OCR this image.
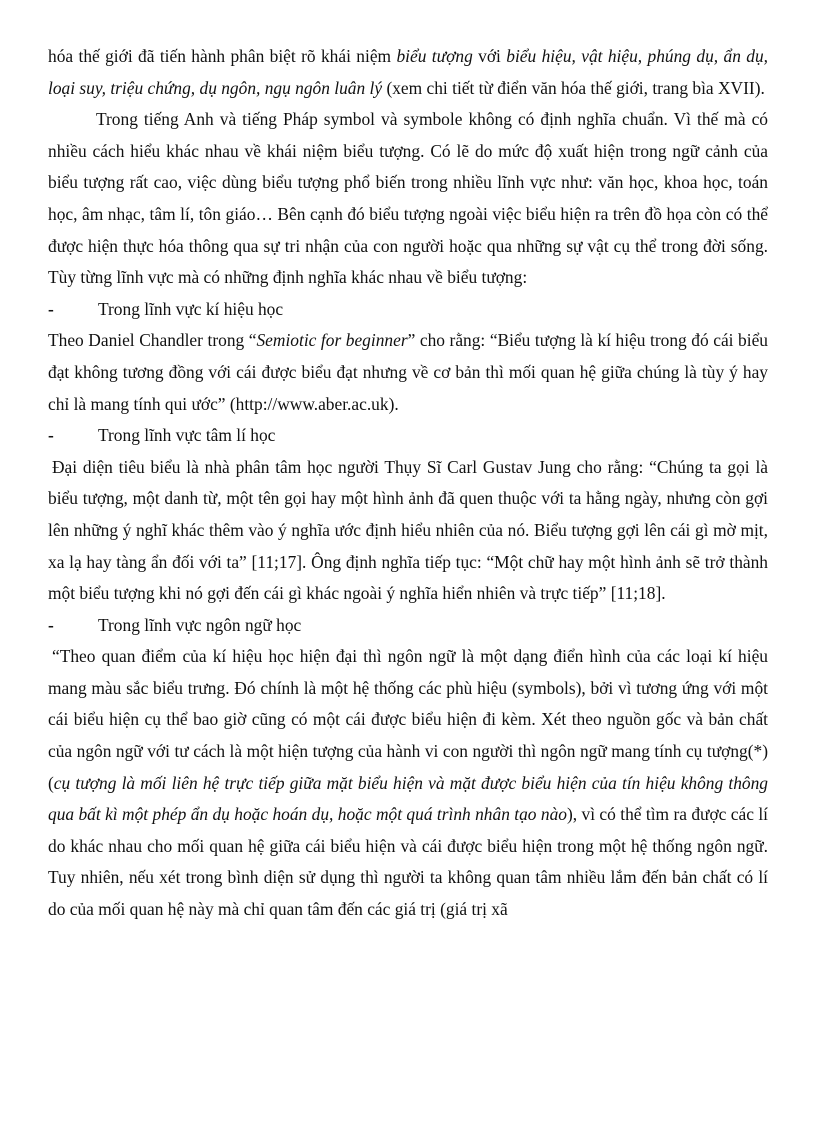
hóa thế giới đã tiến hành phân biệt rõ khái niệm biểu tượng với biểu hiệu, vật hiệu, phúng dụ, ẩn dụ, loại suy, triệu chứng, dụ ngôn, ngụ ngôn luân lý (xem chi tiết từ điển văn hóa thế giới, trang bìa XVII).

Trong tiếng Anh và tiếng Pháp symbol và symbole không có định nghĩa chuẩn. Vì thế mà có nhiều cách hiểu khác nhau về khái niệm biểu tượng. Có lẽ do mức độ xuất hiện trong ngữ cảnh của biểu tượng rất cao, việc dùng biểu tượng phổ biến trong nhiều lĩnh vực như: văn học, khoa học, toán học, âm nhạc, tâm lí, tôn giáo… Bên cạnh đó biểu tượng ngoài việc biểu hiện ra trên đồ họa còn có thể được hiện thực hóa thông qua sự tri nhận của con người hoặc qua những sự vật cụ thể trong đời sống. Tùy từng lĩnh vực mà có những định nghĩa khác nhau về biểu tượng:

-	Trong lĩnh vực kí hiệu học

Theo Daniel Chandler trong “Semiotic for beginner” cho rằng: “Biểu tượng là kí hiệu trong đó cái biểu đạt không tương đồng với cái được biểu đạt nhưng về cơ bản thì mối quan hệ giữa chúng là tùy ý hay chỉ là mang tính qui ước” (http://www.aber.ac.uk).

-	Trong lĩnh vực tâm lí học

Đại diện tiêu biểu là nhà phân tâm học người Thụy Sĩ Carl Gustav Jung cho rằng: “Chúng ta gọi là biểu tượng, một danh từ, một tên gọi hay một hình ảnh đã quen thuộc với ta hằng ngày, nhưng còn gợi lên những ý nghĩ khác thêm vào ý nghĩa ước định hiểu nhiên của nó. Biểu tượng gợi lên cái gì mờ mịt, xa lạ hay tàng ẩn đối với ta” [11;17]. Ông định nghĩa tiếp tục: “Một chữ hay một hình ảnh sẽ trở thành một biểu tượng khi nó gợi đến cái gì khác ngoài ý nghĩa hiển nhiên và trực tiếp” [11;18].

-	Trong lĩnh vực ngôn ngữ học

“Theo quan điểm của kí hiệu học hiện đại thì ngôn ngữ là một dạng điển hình của các loại kí hiệu mang màu sắc biểu trưng. Đó chính là một hệ thống các phù hiệu (symbols), bởi vì tương ứng với một cái biểu hiện cụ thể bao giờ cũng có một cái được biểu hiện đi kèm. Xét theo nguồn gốc và bản chất của ngôn ngữ với tư cách là một hiện tượng của hành vi con người thì ngôn ngữ mang tính cụ tượng(*)(cụ tượng là mối liên hệ trực tiếp giữa mặt biểu hiện và mặt được biểu hiện của tín hiệu không thông qua bất kì một phép ẩn dụ hoặc hoán dụ, hoặc một quá trình nhân tạo nào), vì có thể tìm ra được các lí do khác nhau cho mối quan hệ giữa cái biểu hiện và cái được biểu hiện trong một hệ thống ngôn ngữ. Tuy nhiên, nếu xét trong bình diện sử dụng thì người ta không quan tâm nhiều lắm đến bản chất có lí do của mối quan hệ này mà chỉ quan tâm đến các giá trị (giá trị xã
